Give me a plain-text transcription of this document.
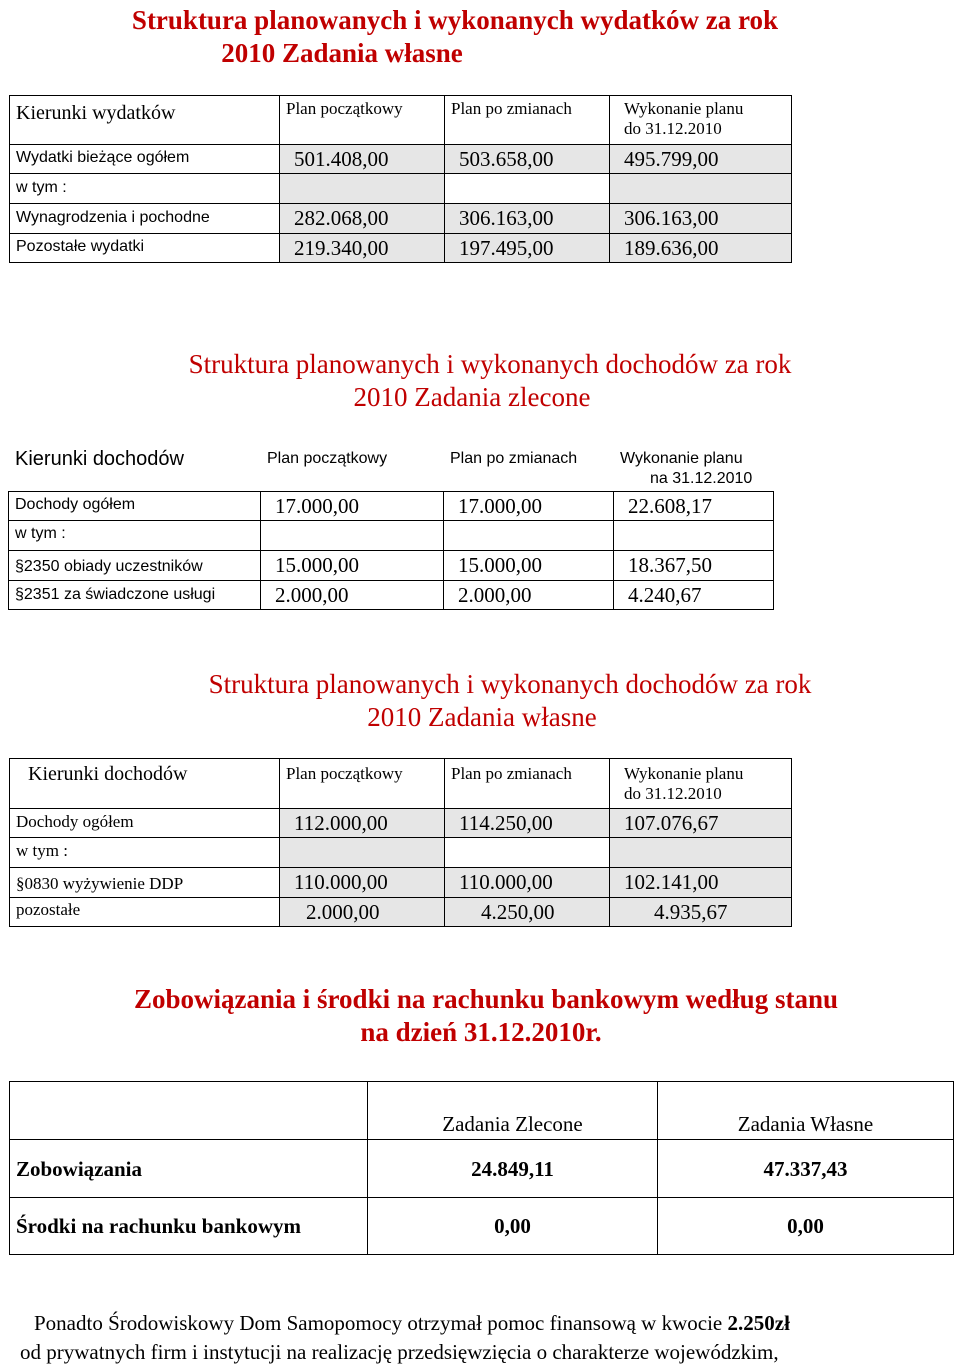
Struktura planowanych i wykonanych wydatków za rok
2010 Zadania własne
Kierunki wydatków	Plan początkowy	Plan po zmianach	Wykonanie planu
do 31.12.2010

Wydatki bieżące ogółem	501.408,00	503.658,00	495.799,00
w tym :			
Wynagrodzenia i pochodne	282.068,00	306.163,00	306.163,00
Pozostałe wydatki	219.340,00	197.495,00	189.636,00
Struktura planowanych i wykonanych dochodów za rok
2010 Zadania zlecone
Kierunki dochodów	Plan początkowy	Plan po zmianach	Wykonanie planu
na 31.12.2010

Dochody ogółem	17.000,00	17.000,00	22.608,17
w tym :			
§2350 obiady uczestników	15.000,00	15.000,00	18.367,50
§2351 za świadczone usługi	2.000,00	2.000,00	4.240,67
Struktura planowanych i wykonanych dochodów za rok
2010 Zadania własne
Kierunki dochodów	Plan początkowy	Plan po zmianach	Wykonanie planu
do 31.12.2010

Dochody ogółem	112.000,00	114.250,00	107.076,67
w tym :			
§0830 wyżywienie DDP	110.000,00	110.000,00	102.141,00
pozostałe	2.000,00	4.250,00	4.935,67
Zobowiązania i środki na rachunku bankowym według stanu
na dzień 31.12.2010r.
	Zadania Zlecone	Zadania Własne
Zobowiązania	24.849,11	47.337,43
Środki na rachunku bankowym	0,00	0,00
Ponadto Środowiskowy Dom Samopomocy otrzymał pomoc finansową w kwocie 2.250zł
od prywatnych firm i instytucji na realizację przedsięwzięcia o charakterze wojewódzkim,
